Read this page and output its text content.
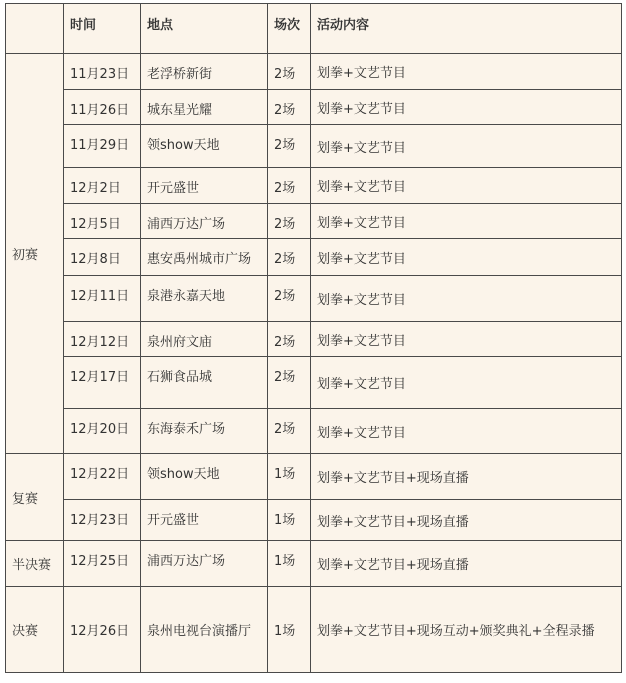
	时间	地点	场次	活动内容

初赛	11月23日	老浮桥新街	2场	划拳+文艺节目
	11月26日	城东星光耀	2场	划拳+文艺节目
	11月29日	领show天地	2场	划拳+文艺节目
	12月2日	开元盛世	2场	划拳+文艺节目
	12月5日	浦西万达广场	2场	划拳+文艺节目
	12月8日	惠安禹州城市广场	2场	划拳+文艺节目
	12月11日	泉港永嘉天地	2场	划拳+文艺节目
	12月12日	泉州府文庙	2场	划拳+文艺节目
	12月17日	石狮食品城	2场	划拳+文艺节目
	12月20日	东海泰禾广场	2场	划拳+文艺节目

复赛	12月22日	领show天地	1场	划拳+文艺节目+现场直播
	12月23日	开元盛世	1场	划拳+文艺节目+现场直播

半决赛	12月25日	浦西万达广场	1场	划拳+文艺节目+现场直播

决赛	12月26日	泉州电视台演播厅	1场	划拳+文艺节目+现场互动+颁奖典礼+全程录播
